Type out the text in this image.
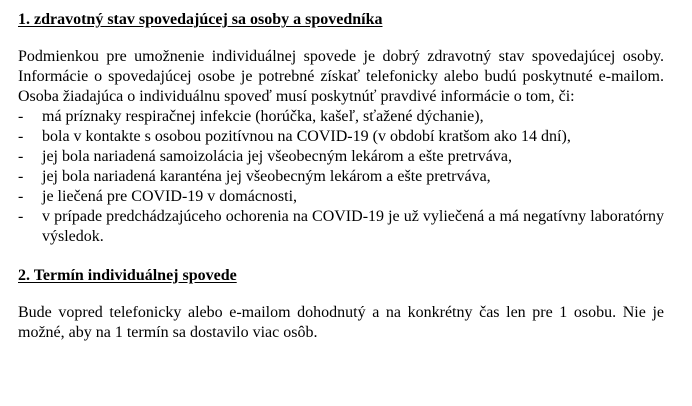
1. zdravotný stav spovedajúcej sa osoby a spovedníka

Podmienkou pre umožnenie individuálnej spovede je dobrý zdravotný stav spovedajúcej osoby. Informácie o spovedajúcej osobe je potrebné získať telefonicky alebo budú poskytnuté e-mailom. Osoba žiadajúca o individuálnu spoveď musí poskytnúť pravdivé informácie o tom, či:

- má príznaky respiračnej infekcie (horúčka, kašeľ, sťažené dýchanie),
- bola v kontakte s osobou pozitívnou na COVID-19 (v období kratšom ako 14 dní),
- jej bola nariadená samoizolácia jej všeobecným lekárom a ešte pretrváva,
- jej bola nariadená karanténa jej všeobecným lekárom a ešte pretrváva,
- je liečená pre COVID-19 v domácnosti,
- v prípade predchádzajúceho ochorenia na COVID-19 je už vyliečená a má negatívny laboratórny výsledok.
2. Termín individuálnej spovede

Bude vopred telefonicky alebo e-mailom dohodnutý a na konkrétny čas len pre 1 osobu. Nie je možné, aby na 1 termín sa dostavilo viac osôb.
